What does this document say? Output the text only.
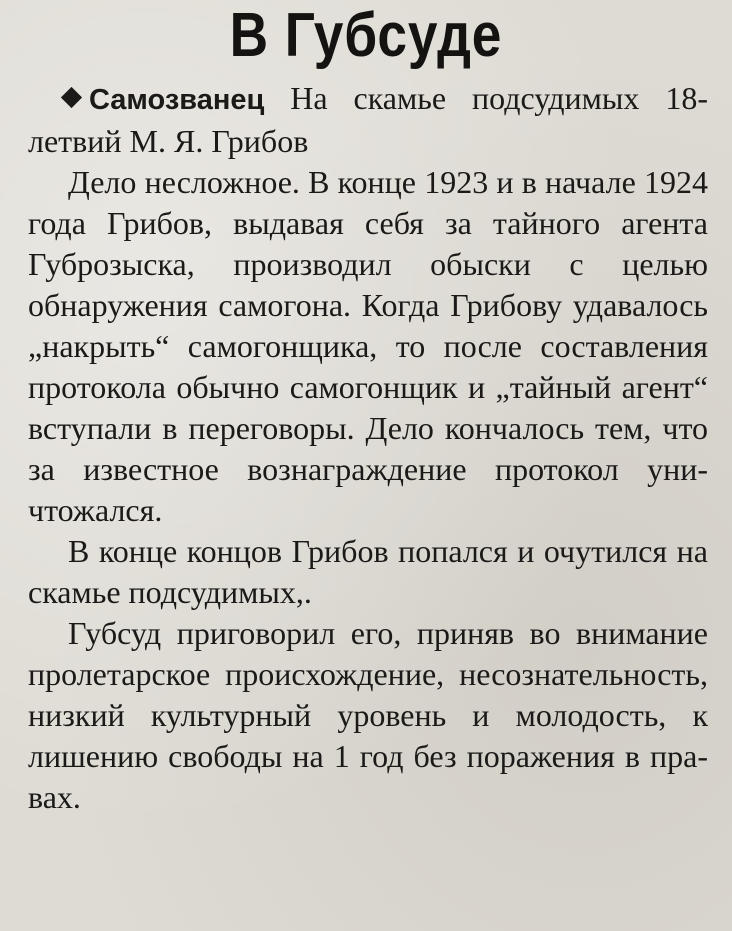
В Губсуде

Самозванец На скамье подсудимых 18-летвий М. Я. Грибов

Дело несложное. В конце 1923 и в начале 1924 года Грибов, выдавая себя за тайного агента Губрозыска, производил обыски с целью обнаружения самогона. Когда Грибову удавалось „накрыть“ самогонщика, то после составления протокола обычно самогонщик и „тайный агент“ вступали в переговоры. Дело кончалось тем, что за известное вознаграждение протокол уничтожался.

В конце концов Грибов попался и очутился на скамье подсудимых,.

Губсуд приговорил его, приняв во внимание пролетарское происхождение, несознательность, низкий культурный уровень и молодость, к лишению свободы на 1 год без поражения в правах.
